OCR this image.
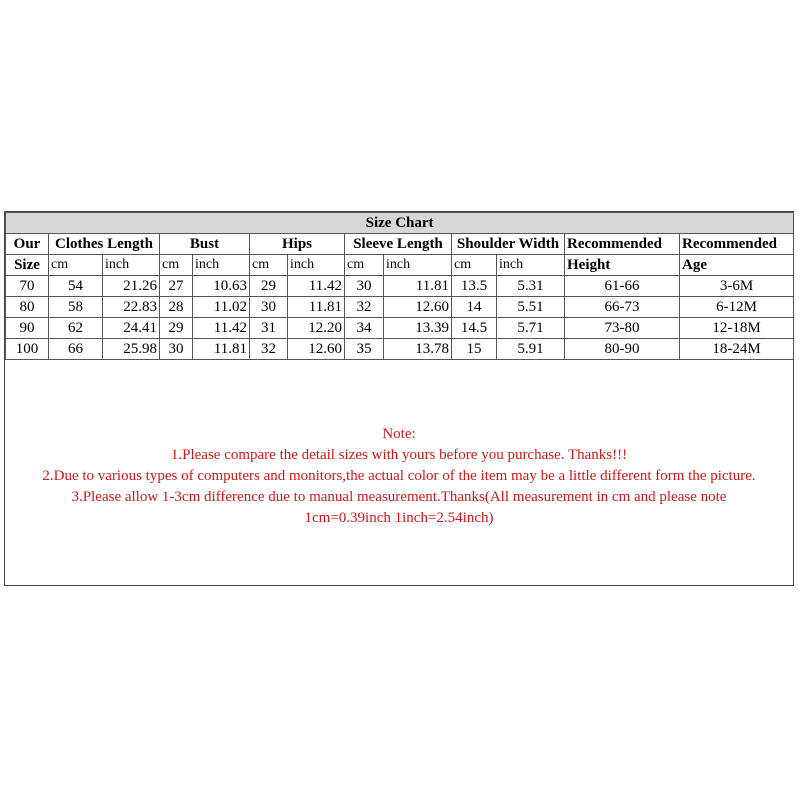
Size Chart												
Our	Clothes Length		Bust		Hips		Sleeve Length		Shoulder Width		Recommended	Recommended
Size	cm	inch	cm	inch	cm	inch	cm	inch	cm	inch	Height	Age
70	54	21.26	27	10.63	29	11.42	30	11.81	13.5	5.31	61-66	3-6M
80	58	22.83	28	11.02	30	11.81	32	12.60	14	5.51	66-73	6-12M
90	62	24.41	29	11.42	31	12.20	34	13.39	14.5	5.71	73-80	12-18M
100	66	25.98	30	11.81	32	12.60	35	13.78	15	5.91	80-90	18-24M
Note:
1.Please compare the detail sizes with yours before you purchase. Thanks!!!
2.Due to various types of computers and monitors,the actual color of the item may be a little different form the picture.
3.Please allow 1-3cm difference due to manual measurement.Thanks(All measurement in cm and please note
1cm=0.39inch 1inch=2.54inch)
